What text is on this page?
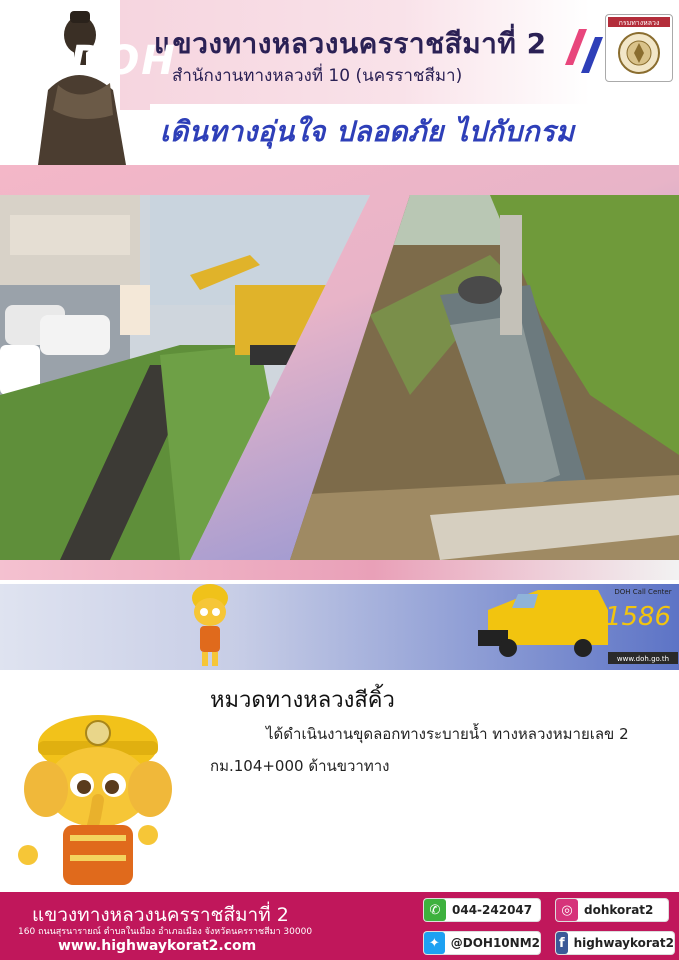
แขวงทางหลวงนครราชสีมาที่ 2
สำนักงานทางหลวงที่ 10 (นครราชสีมา)
กรมทางหลวง
เดินทางอุ่นใจ ปลอดภัย ไปกับกรม
DOH
DOH Call Center
1586
www.doh.go.th
หมวดทางหลวงสีคิ้ว
ได้ดำเนินงานขุดลอกทางระบายน้ำ ทางหลวงหมายเลข 2
กม.104+000 ด้านขวาทาง
แขวงทางหลวงนครราชสีมาที่ 2
160 ถนนสุรนารายณ์ ตำบลในเมือง อำเภอเมือง จังหวัดนครราชสีมา 30000
www.highwaykorat2.com
✆ 044-242047	◎ dohkorat2
✦ @DOH10NM2 f highwaykorat2
